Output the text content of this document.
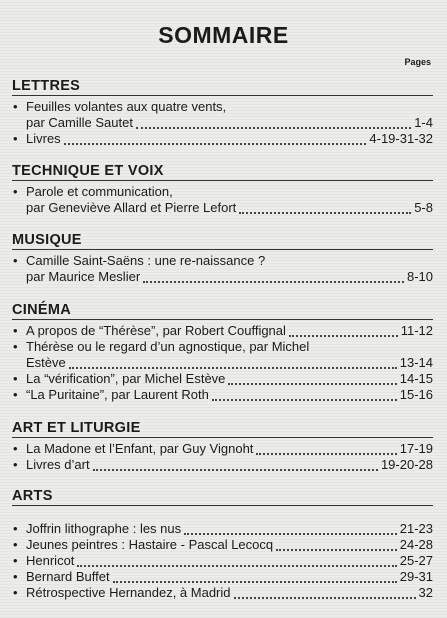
SOMMAIRE
Pages
LETTRES
• Feuilles volantes aux quatre vents,
par Camille Sautet	1-4
• Livres	4-19-31-32
TECHNIQUE ET VOIX
• Parole et communication,
par Geneviève Allard et Pierre Lefort	5-8
MUSIQUE
• Camille Saint-Saëns : une re-naissance ?
par Maurice Meslier	8-10
CINÉMA
• A propos de “Thérèse”, par Robert Couffignal	11-12
• Thérèse ou le regard d’un agnostique, par Michel
Estève	13-14
• La “vérification”, par Michel Estève	14-15
• “La Puritaine”, par Laurent Roth	15-16
ART ET LITURGIE
• La Madone et l’Enfant, par Guy Vignoht	17-19
• Livres d’art	19-20-28
ARTS
• Joffrin lithographe : les nus	21-23
• Jeunes peintres : Hastaire - Pascal Lecocq	24-28
• Henricot	25-27
• Bernard Buffet	29-31
• Rétrospective Hernandez, à Madrid	32
